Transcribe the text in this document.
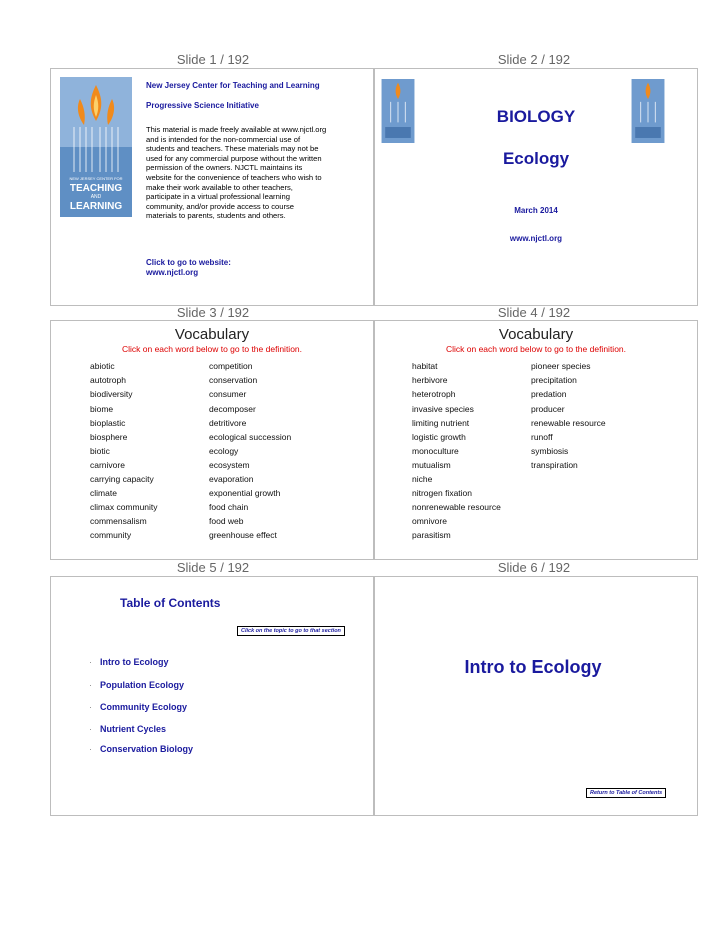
Slide 1 / 192	Slide 2 / 192
NEW JERSEY CENTER FOR
TEACHING
AND
LEARNING
New Jersey Center for Teaching and Learning
Progressive Science Initiative
This material is made freely available at www.njctl.org
and is intended for the non-commercial use of
students and teachers. These materials may not be
used for any commercial purpose without the written
permission of the owners. NJCTL maintains its
website for the convenience of teachers who wish to
make their work available to other teachers,
participate in a virtual professional learning
community, and/or provide access to course
materials to parents, students and others.
Click to go to website:
www.njctl.org
BIOLOGY
Ecology
March 2014
www.njctl.org
Slide 3 / 192	Slide 4 / 192
Vocabulary
Click on each word below to go to the definition.
abiotic
autotroph
biodiversity
biome
bioplastic
biosphere
biotic
carnivore
carrying capacity
climate
climax community
commensalism
community
competition
conservation
consumer
decomposer
detritivore
ecological succession
ecology
ecosystem
evaporation
exponential growth
food chain
food web
greenhouse effect
Vocabulary
Click on each word below to go to the definition.
habitat
herbivore
heterotroph
invasive species
limiting nutrient
logistic growth
monoculture
mutualism
niche
nitrogen fixation
nonrenewable resource
omnivore
parasitism
pioneer species
precipitation
predation
producer
renewable resource
runoff
symbiosis
transpiration
Slide 5 / 192	Slide 6 / 192
Table of Contents
Click on the topic to go to that section
· Intro to Ecology
· Population Ecology
· Community Ecology
· Nutrient Cycles
· Conservation Biology
Intro to Ecology
Return to Table of Contents
